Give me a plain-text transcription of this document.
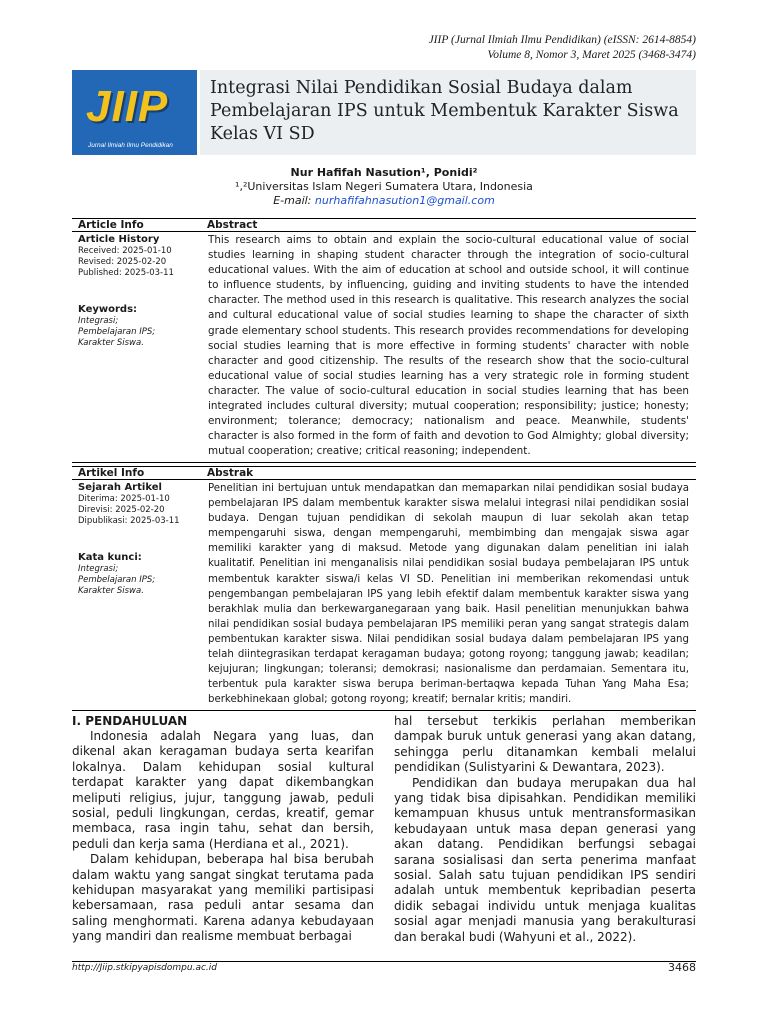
JIIP (Jurnal Ilmiah Ilmu Pendidikan) (eISSN: 2614-8854)
Volume 8, Nomor 3, Maret 2025 (3468-3474)
JIIP
Jurnal Ilmiah Ilmu Pendidikan
Integrasi Nilai Pendidikan Sosial Budaya dalam Pembelajaran IPS untuk Membentuk Karakter Siswa Kelas VI SD
Nur Hafifah Nasution¹, Ponidi²
¹,²Universitas Islam Negeri Sumatera Utara, Indonesia
E-mail: nurhafifahnasution1@gmail.com
Article Info	Abstract
Article History
Received: 2025-01-10
Revised: 2025-02-20
Published: 2025-03-11
Keywords:
Integrasi;
Pembelajaran IPS;
Karakter Siswa.
This research aims to obtain and explain the socio-cultural educational value of social studies learning in shaping student character through the integration of socio-cultural educational values. With the aim of education at school and outside school, it will continue to influence students, by influencing, guiding and inviting students to have the intended character. The method used in this research is qualitative. This research analyzes the social and cultural educational value of social studies learning to shape the character of sixth grade elementary school students. This research provides recommendations for developing social studies learning that is more effective in forming students' character with noble character and good citizenship. The results of the research show that the socio-cultural educational value of social studies learning has a very strategic role in forming student character. The value of socio-cultural education in social studies learning that has been integrated includes cultural diversity; mutual cooperation; responsibility; justice; honesty; environment; tolerance; democracy; nationalism and peace. Meanwhile, students' character is also formed in the form of faith and devotion to God Almighty; global diversity; mutual cooperation; creative; critical reasoning; independent.
Artikel Info	Abstrak
Sejarah Artikel
Diterima: 2025-01-10
Direvisi: 2025-02-20
Dipublikasi: 2025-03-11
Kata kunci:
Integrasi;
Pembelajaran IPS;
Karakter Siswa.
Penelitian ini bertujuan untuk mendapatkan dan memaparkan nilai pendidikan sosial budaya pembelajaran IPS dalam membentuk karakter siswa melalui integrasi nilai pendidikan sosial budaya. Dengan tujuan pendidikan di sekolah maupun di luar sekolah akan tetap mempengaruhi siswa, dengan mempengaruhi, membimbing dan mengajak siswa agar memiliki karakter yang di maksud. Metode yang digunakan dalam penelitian ini ialah kualitatif. Penelitian ini menganalisis nilai pendidikan sosial budaya pembelajaran IPS untuk membentuk karakter siswa/i kelas VI SD. Penelitian ini memberikan rekomendasi untuk pengembangan pembelajaran IPS yang lebih efektif dalam membentuk karakter siswa yang berakhlak mulia dan berkewarganegaraan yang baik. Hasil penelitian menunjukkan bahwa nilai pendidikan sosial budaya pembelajaran IPS memiliki peran yang sangat strategis dalam pembentukan karakter siswa. Nilai pendidikan sosial budaya dalam pembelajaran IPS yang telah diintegrasikan terdapat keragaman budaya; gotong royong; tanggung jawab; keadilan; kejujuran; lingkungan; toleransi; demokrasi; nasionalisme dan perdamaian. Sementara itu, terbentuk pula karakter siswa berupa beriman-bertaqwa kepada Tuhan Yang Maha Esa; berkebhinekaan global; gotong royong; kreatif; bernalar kritis; mandiri.
I. PENDAHULUAN

Indonesia adalah Negara yang luas, dan dikenal akan keragaman budaya serta kearifan lokalnya. Dalam kehidupan sosial kultural terdapat karakter yang dapat dikembangkan meliputi religius, jujur, tanggung jawab, peduli sosial, peduli lingkungan, cerdas, kreatif, gemar membaca, rasa ingin tahu, sehat dan bersih, peduli dan kerja sama (Herdiana et al., 2021).

Dalam kehidupan, beberapa hal bisa berubah dalam waktu yang sangat singkat terutama pada kehidupan masyarakat yang memiliki partisipasi kebersamaan, rasa peduli antar sesama dan saling menghormati. Karena adanya kebudayaan yang mandiri dan realisme membuat berbagai

hal tersebut terkikis perlahan memberikan dampak buruk untuk generasi yang akan datang, sehingga perlu ditanamkan kembali melalui pendidikan (Sulistyarini & Dewantara, 2023).

Pendidikan dan budaya merupakan dua hal yang tidak bisa dipisahkan. Pendidikan memiliki kemampuan khusus untuk mentransformasikan kebudayaan untuk masa depan generasi yang akan datang. Pendidikan berfungsi sebagai sarana sosialisasi dan serta penerima manfaat sosial. Salah satu tujuan pendidikan IPS sendiri adalah untuk membentuk kepribadian peserta didik sebagai individu untuk menjaga kualitas sosial agar menjadi manusia yang berakulturasi dan berakal budi (Wahyuni et al., 2022).

http://Jiip.stkipyapisdompu.ac.id	3468
